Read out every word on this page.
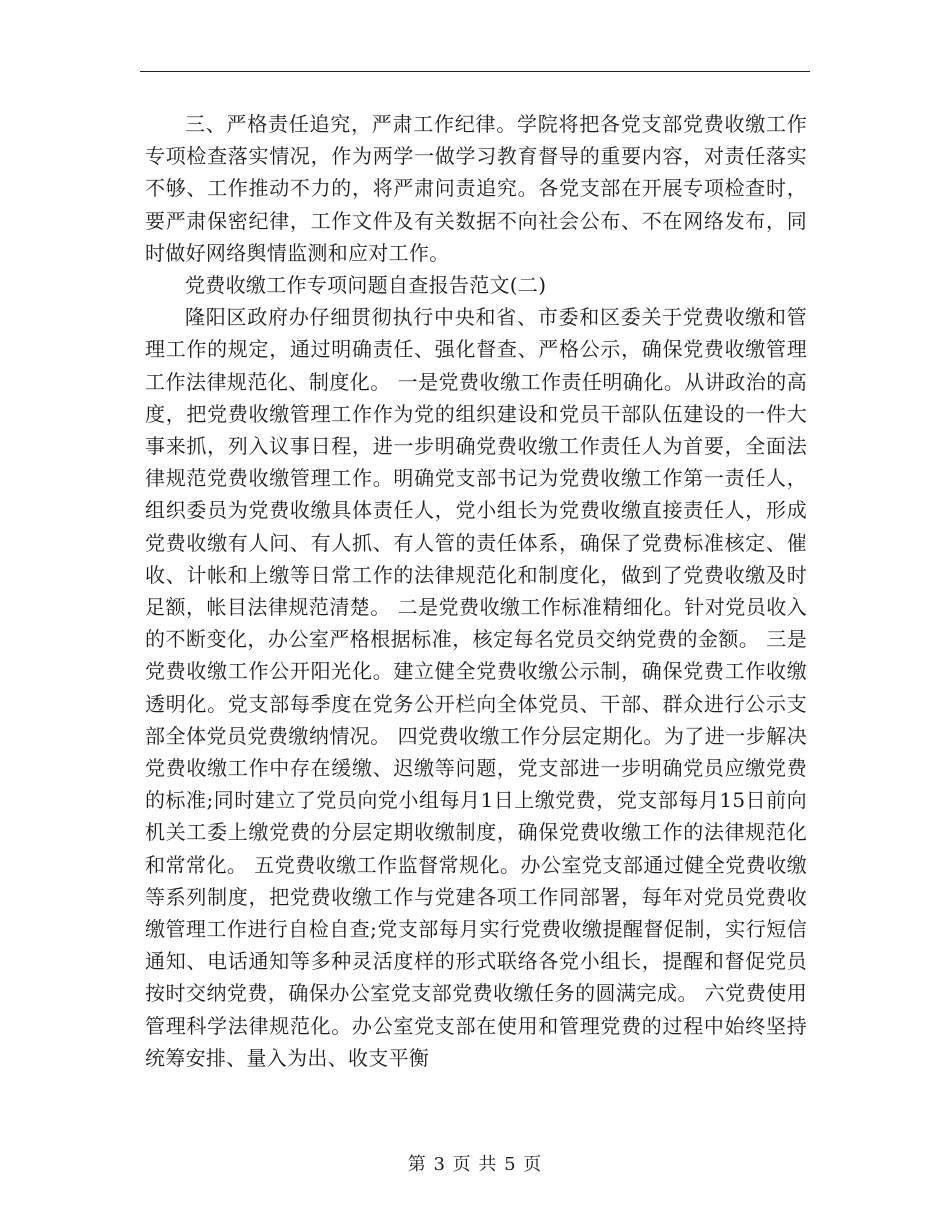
三、严格责任追究，严肃工作纪律。学院将把各党支部党费收缴工作专项检查落实情况，作为两学一做学习教育督导的重要内容，对责任落实不够、工作推动不力的，将严肃问责追究。各党支部在开展专项检查时，要严肃保密纪律，工作文件及有关数据不向社会公布、不在网络发布，同时做好网络舆情监测和应对工作。

党费收缴工作专项问题自查报告范文(二)

隆阳区政府办仔细贯彻执行中央和省、市委和区委关于党费收缴和管理工作的规定，通过明确责任、强化督查、严格公示，确保党费收缴管理工作法律规范化、制度化。 一是党费收缴工作责任明确化。从讲政治的高度，把党费收缴管理工作作为党的组织建设和党员干部队伍建设的一件大事来抓，列入议事日程，进一步明确党费收缴工作责任人为首要，全面法律规范党费收缴管理工作。明确党支部书记为党费收缴工作第一责任人，组织委员为党费收缴具体责任人，党小组长为党费收缴直接责任人，形成党费收缴有人问、有人抓、有人管的责任体系，确保了党费标准核定、催收、计帐和上缴等日常工作的法律规范化和制度化，做到了党费收缴及时足额，帐目法律规范清楚。 二是党费收缴工作标准精细化。针对党员收入的不断变化，办公室严格根据标准，核定每名党员交纳党费的金额。 三是党费收缴工作公开阳光化。建立健全党费收缴公示制，确保党费工作收缴透明化。党支部每季度在党务公开栏向全体党员、干部、群众进行公示支部全体党员党费缴纳情况。 四党费收缴工作分层定期化。为了进一步解决党费收缴工作中存在缓缴、迟缴等问题，党支部进一步明确党员应缴党费的标准;同时建立了党员向党小组每月1日上缴党费，党支部每月15日前向机关工委上缴党费的分层定期收缴制度，确保党费收缴工作的法律规范化和常常化。 五党费收缴工作监督常规化。办公室党支部通过健全党费收缴等系列制度，把党费收缴工作与党建各项工作同部署，每年对党员党费收缴管理工作进行自检自查;党支部每月实行党费收缴提醒督促制，实行短信通知、电话通知等多种灵活度样的形式联络各党小组长，提醒和督促党员按时交纳党费，确保办公室党支部党费收缴任务的圆满完成。 六党费使用管理科学法律规范化。办公室党支部在使用和管理党费的过程中始终坚持统筹安排、量入为出、收支平衡

第 3 页 共 5 页
